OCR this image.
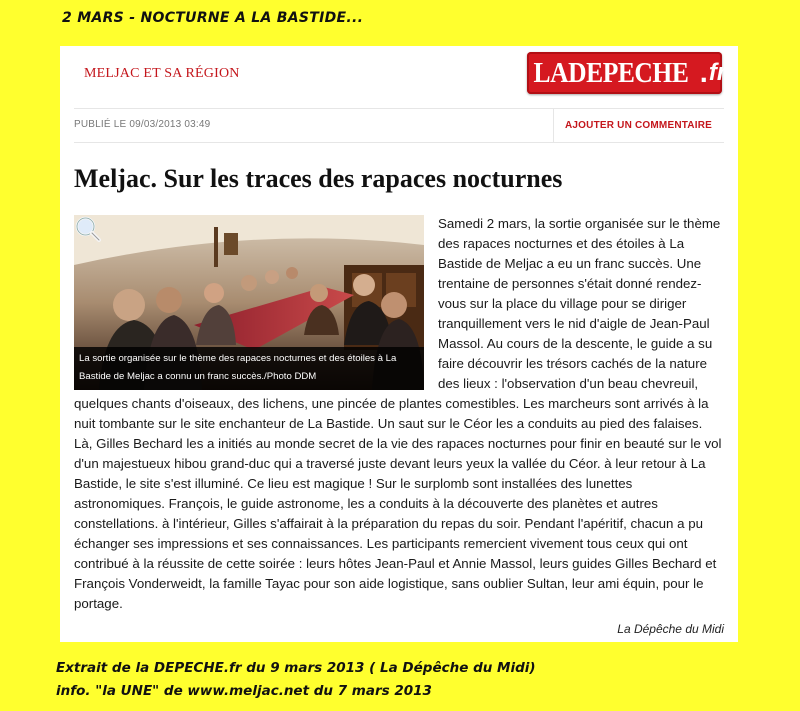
2 MARS - NOCTURNE A LA BASTIDE...
MELJAC ET SA RÉGION	LADEPECHE . fr
PUBLIÉ LE 09/03/2013 03:49	AJOUTER UN COMMENTAIRE
Meljac. Sur les traces des rapaces nocturnes
La sortie organisée sur le thème des rapaces nocturnes et des étoiles à La Bastide de Meljac a connu un franc succès./Photo DDM

Samedi 2 mars, la sortie organisée sur le thème des rapaces nocturnes et des étoiles à La Bastide de Meljac a eu un franc succès. Une trentaine de personnes s'était donné rendez-vous sur la place du village pour se diriger tranquillement vers le nid d'aigle de Jean-Paul Massol. Au cours de la descente, le guide a su faire découvrir les trésors cachés de la nature des lieux : l'observation d'un beau chevreuil, quelques chants d'oiseaux, des lichens, une pincée de plantes comestibles. Les marcheurs sont arrivés à la nuit tombante sur le site enchanteur de La Bastide. Un saut sur le Céor les a conduits au pied des falaises. Là, Gilles Bechard les a initiés au monde secret de la vie des rapaces nocturnes pour finir en beauté sur le vol d'un majestueux hibou grand-duc qui a traversé juste devant leurs yeux la vallée du Céor. à leur retour à La Bastide, le site s'est illuminé. Ce lieu est magique ! Sur le surplomb sont installées des lunettes astronomiques. François, le guide astronome, les a conduits à la découverte des planètes et autres constellations. à l'intérieur, Gilles s'affairait à la préparation du repas du soir. Pendant l'apéritif, chacun a pu échanger ses impressions et ses connaissances. Les participants remercient vivement tous ceux qui ont contribué à la réussite de cette soirée : leurs hôtes Jean-Paul et Annie Massol, leurs guides Gilles Bechard et François Vonderweidt, la famille Tayac pour son aide logistique, sans oublier Sultan, leur ami équin, pour le portage.

La Dépêche du Midi
Extrait de la DEPECHE.fr du 9 mars 2013 ( La Dépêche du Midi)
info. "la UNE" de www.meljac.net du 7 mars 2013
